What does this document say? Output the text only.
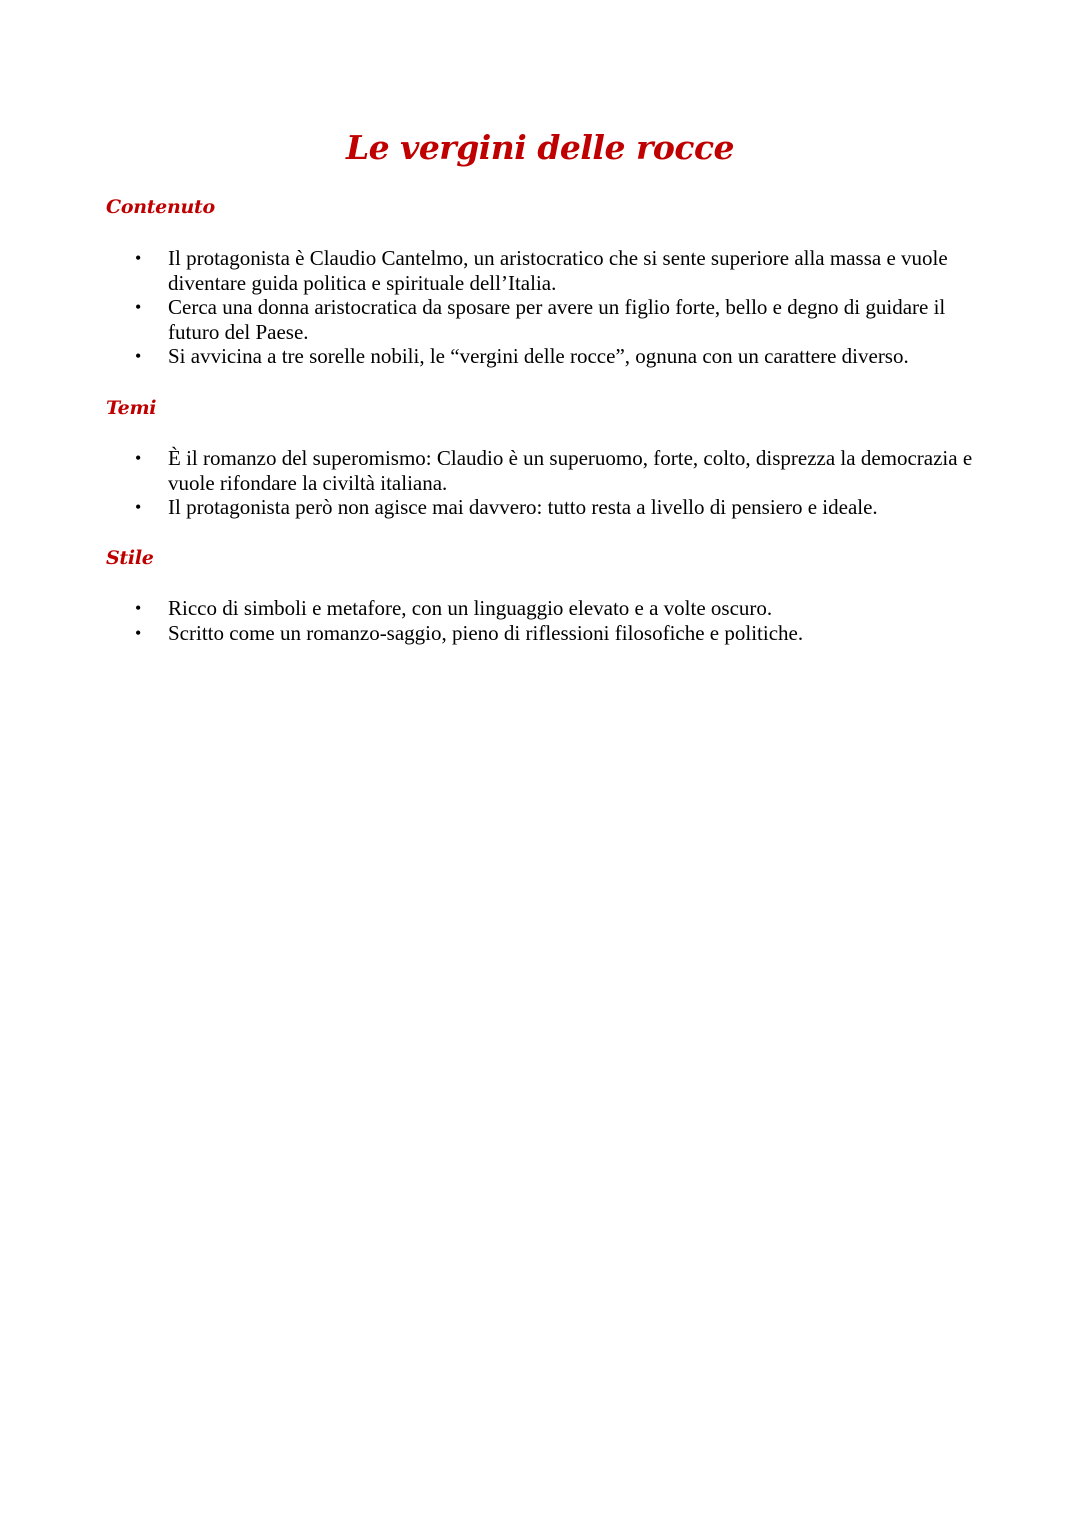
Le vergini delle rocce
Contenuto
• Il protagonista è Claudio Cantelmo, un aristocratico che si sente superiore alla massa e vuole diventare guida politica e spirituale dell’Italia.
• Cerca una donna aristocratica da sposare per avere un figlio forte, bello e degno di guidare il futuro del Paese.
• Si avvicina a tre sorelle nobili, le “vergini delle rocce”, ognuna con un carattere diverso.
Temi
• È il romanzo del superomismo: Claudio è un superuomo, forte, colto, disprezza la democrazia e vuole rifondare la civiltà italiana.
• Il protagonista però non agisce mai davvero: tutto resta a livello di pensiero e ideale.
Stile
• Ricco di simboli e metafore, con un linguaggio elevato e a volte oscuro.
• Scritto come un romanzo-saggio, pieno di riflessioni filosofiche e politiche.
